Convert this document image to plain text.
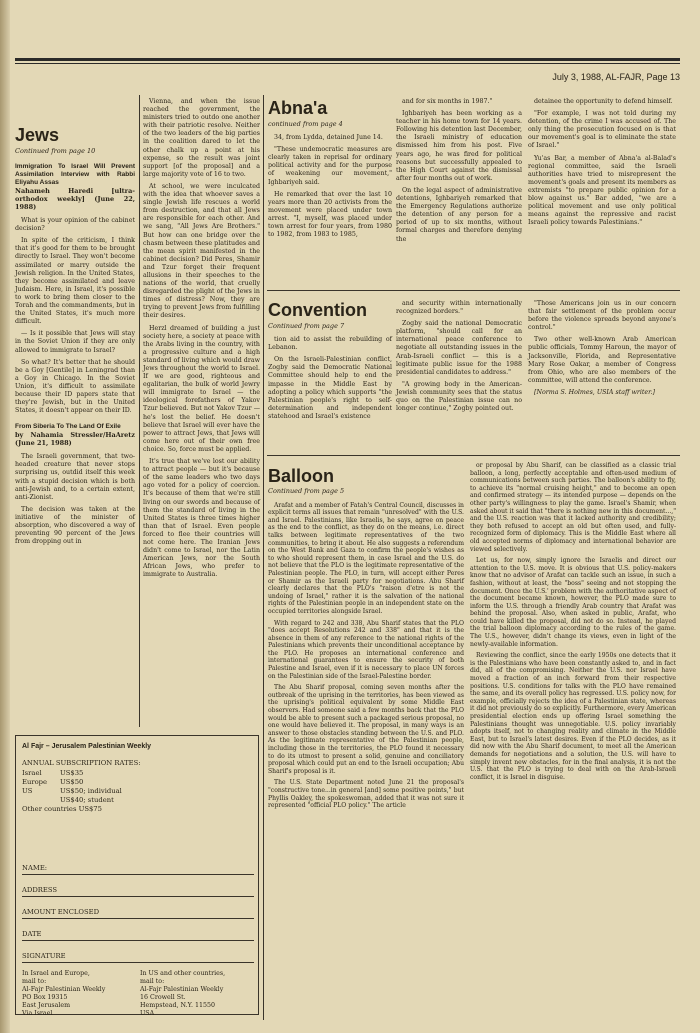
July 3, 1988, AL-FAJR, Page 13
Jews
Continued from page 10
Immigration To Israel Will Prevent Assimilation Interview with Rabbi Eliyahu Assas
Nahameh Haredi [ultra-orthodox weekly] (June 22, 1988)

What is your opinion of the cabinet decision?

In spite of the criticism, I think that it's good for them to be brought directly to Israel. They won't become assimilated or marry outside the Jewish religion. In the United States, they become assimilated and leave Judaism. Here, in Israel, it's possible to work to bring them closer to the Torah and the commandments, but in the United States, it's much more difficult.

— Is it possible that Jews will stay in the Soviet Union if they are only allowed to immigrate to Israel?

So what? It's better that he should be a Goy [Gentile] in Leningrad than a Goy in Chicago. In the Soviet Union, it's difficult to assimilate because their ID papers state that they're Jewish, but in the United States, it doesn't appear on their ID.

From Siberia To The Land Of Exile
by Nahamia Stressler/HaAretz (June 21, 1988)

The Israeli government, that two-headed creature that never stops surprising us, outdid itself this week with a stupid decision which is both anti-Jewish and, to a certain extent, anti-Zionist.

The decision was taken at the initiative of the minister of absorption, who discovered a way of preventing 90 percent of the Jews from dropping out in

Vienna, and when the issue reached the government, the ministers tried to outdo one another with their patriotic resolve. Neither of the two leaders of the big parties in the coalition dared to let the other chalk up a point at his expense, so the result was joint support [of the proposal] and a large majority vote of 16 to two.

At school, we were inculcated with the idea that whoever saves a single Jewish life rescues a world from destruction, and that all Jews are responsible for each other. And we sang, "All Jews Are Brothers." But how can one bridge over the chasm between these platitudes and the mean spirit manifested in the cabinet decision? Did Peres, Shamir and Tzur forget their frequent allusions in their speeches to the nations of the world, that cruelly disregarded the plight of the Jews in times of distress? Now, they are trying to prevent Jews from fulfilling their desires.

Herzl dreamed of building a just society here, a society at peace with the Arabs living in the country, with a progressive culture and a high standard of living which would draw Jews throughout the world to Israel. If we are good, righteous and egalitarian, the bulk of world Jewry will immigrate to Israel — the ideological forefathers of Yakov Tzur believed. But not Yakov Tzur — he's lost the belief. He doesn't believe that Israel will ever have the power to attract Jews, that Jews will come here out of their own free choice. So, force must be applied.

It's true that we've lost our ability to attract people — but it's because of the same leaders who two days ago voted for a policy of coercion. It's because of them that we're still living on our swords and because of them the standard of living in the United States is three times higher than that of Israel. Even people forced to flee their countries will not come here. The Iranian Jews didn't come to Israel, nor the Latin American Jews, nor the South African Jews, who prefer to immigrate to Australia.

Abna'a
continued from page 4

34, from Lydda, detained June 14.

"These undemocratic measures are clearly taken in reprisal for ordinary political activity and for the purpose of weakening our movement," Ighbariyeh said.

He remarked that over the last 10 years more than 20 activists from the movement were placed under town arrest. "I, myself, was placed under town arrest for four years, from 1980 to 1982, from 1983 to 1985,

and for six months in 1987."

Ighbariyeh has been working as a teacher in his home town for 14 years. Following his detention last December, the Israeli ministry of education dismissed him from his post. Five years ago, he was fired for political reasons but successfully appealed to the High Court against the dismissal after four months out of work.

On the legal aspect of administrative detentions, Ighbariyeh remarked that the Emergency Regulations authorize the detention of any person for a period of up to six months, without formal charges and therefore denying the

detainee the opportunity to defend himself.

"For example, I was not told during my detention, of the crime I was accused of. The only thing the prosecution focused on is that our movement's goal is to eliminate the state of Israel."

Yu'as Bar, a member of Abna'a al-Balad's regional committee, said the Israeli authorities have tried to misrepresent the movement's goals and present its members as extremists "to prepare public opinion for a blow against us." Bar added, "we are a political movement and use only political means against the repressive and racist Israeli policy towards Palestinians."

Convention
Continued from page 7

tion aid to assist the rebuilding of Lebanon.

On the Israeli-Palestinian conflict, Zogby said the Democratic National Committee should help to end the impasse in the Middle East by adopting a policy which supports "the Palestinian people's right to self-determination and independent statehood and Israel's existence

and security within internationally recognized borders."

Zogby said the national Democratic platform, "should call for an international peace conference to negotiate all outstanding issues in the Arab-Israeli conflict — this is a legitimate public issue for the 1988 presidential candidates to address."

"A growing body in the American-Jewish community sees that the status quo on the Palestinian issue can no longer continue," Zogby pointed out.

"Those Americans join us in our concern that fair settlement of the problem occur before the violence spreads beyond anyone's control."

Two other well-known Arab American public officials, Tommy Haroun, the mayor of Jacksonville, Florida, and Representative Mary Rose Oakar, a member of Congress from Ohio, who are also members of the committee, will attend the conference.

[Norma S. Holmes, USIA staff writer.]

Balloon
Continued from page 5

Arafat and a member of Fatah's Central Council, discusses in explicit terms all issues that remain "unresolved" with the U.S. and Israel. Palestinians, like Israelis, he says, agree on peace as the end to the conflict, as they do on the means, i.e. direct talks between legitimate representatives of the two communities, to bring it about. He also suggests a referendum on the West Bank and Gaza to confirm the people's wishes as to who should represent them, in case Israel and the U.S. do not believe that the PLO is the legitimate representative of the Palestinian people. The PLO, in turn, will accept either Peres or Shamir as the Israeli party for negotiations. Abu Sharif clearly declares that the PLO's "raison d'etre is not the undoing of Israel," rather it is the salvation of the national rights of the Palestinian people in an independent state on the occupied territories alongside Israel.

With regard to 242 and 338, Abu Sharif states that the PLO "does accept Resolutions 242 and 338" and that it is the absence in them of any reference to the national rights of the Palestinians which prevents their unconditional acceptance by the PLO. He proposes an international conference and international guarantees to ensure the security of both Palestine and Israel, even if it is necessary to place UN forces on the Palestinian side of the Israel-Palestine border.

The Abu Sharif proposal, coming seven months after the outbreak of the uprising in the territories, has been viewed as the uprising's political equivalent by some Middle East observers. Had someone said a few months back that the PLO would be able to present such a packaged serious proposal, no one would have believed it. The proposal, in many ways is an answer to those obstacles standing between the U.S. and PLO. As the legitimate representative of the Palestinian people, including those in the territories, the PLO found it necessary to do its utmost to present a solid, genuine and conciliatory proposal which could put an end to the Israeli occupation; Abu Sharif's proposal is it.

The U.S. State Department noted June 21 the proposal's "constructive tone...in general [and] some positive points," but Phyllis Oakley, the spokeswoman, added that it was not sure it represented "official PLO policy." The article

or proposal by Abu Sharif, can be classified as a classic trial balloon, a long, perfectly acceptable and often-used medium of communications between such parties. The balloon's ability to fly, to achieve its "normal cruising height," and to become an open and confirmed strategy — its intended purpose — depends on the other party's willingness to play the game. Israel's Shamir, when asked about it said that "there is nothing new in this document...," and the U.S. reaction was that it lacked authority and credibility; they both refused to accept an old but often used, and fully-recognized form of diplomacy. This is the Middle East where all old accepted norms of diplomacy and international behavior are viewed selectively.

Let us, for now, simply ignore the Israelis and direct our attention to the U.S. move. It is obvious that U.S. policy-makers know that no advisor of Arafat can tackle such an issue, in such a fashion, without at least, the "boss" seeing and not stopping the document. Once the U.S.' problem with the authoritative aspect of the document became known, however, the PLO made sure to inform the U.S. through a friendly Arab country that Arafat was behind the proposal. Also, when asked in public, Arafat, who could have killed the proposal, did not do so. Instead, he played the trial balloon diplomacy according to the rules of the game. The U.S., however, didn't change its views, even in light of the newly-available information.

Reviewing the conflict, since the early 1950s one detects that it is the Palestinians who have been constantly asked to, and in fact did, all of the compromising. Neither the U.S. nor Israel have moved a fraction of an inch forward from their respective positions. U.S. conditions for talks with the PLO have remained the same, and its overall policy has regressed. U.S. policy now, for example, officially rejects the idea of a Palestinian state, whereas it did not previously do so explicitly. Furthermore, every American presidential election ends up offering Israel something the Palestinians thought was unnegotiable. U.S. policy invariably adopts itself, not to changing reality and climate in the Middle East, but to Israel's latest desires. Even if the PLO decides, as it did now with the Abu Sharif document, to meet all the American demands for negotiations and a solution, the U.S. will have to simply invent new obstacles, for in the final analysis, it is not the U.S. that the PLO is trying to deal with on the Arab-Israeli conflict, it is Israel in disguise.

Al Fajr – Jerusalem Palestinian Weekly
ANNUAL SUBSCRIPTION RATES:
Israel	US$35
Europe	US$50
US	US$50; individual
US$40; student
Other countries US$75
NAME:
ADDRESS
AMOUNT ENCLOSED
DATE
SIGNATURE
In Israel and Europe,
mail to:
Al-Fajr Palestinian Weekly
PO Box 19315
East Jerusalem
Via Israel
In US and other countries,
mail to:
Al-Fajr Palestinian Weekly
16 Crowell St.
Hempstead, N.Y. 11550
USA
